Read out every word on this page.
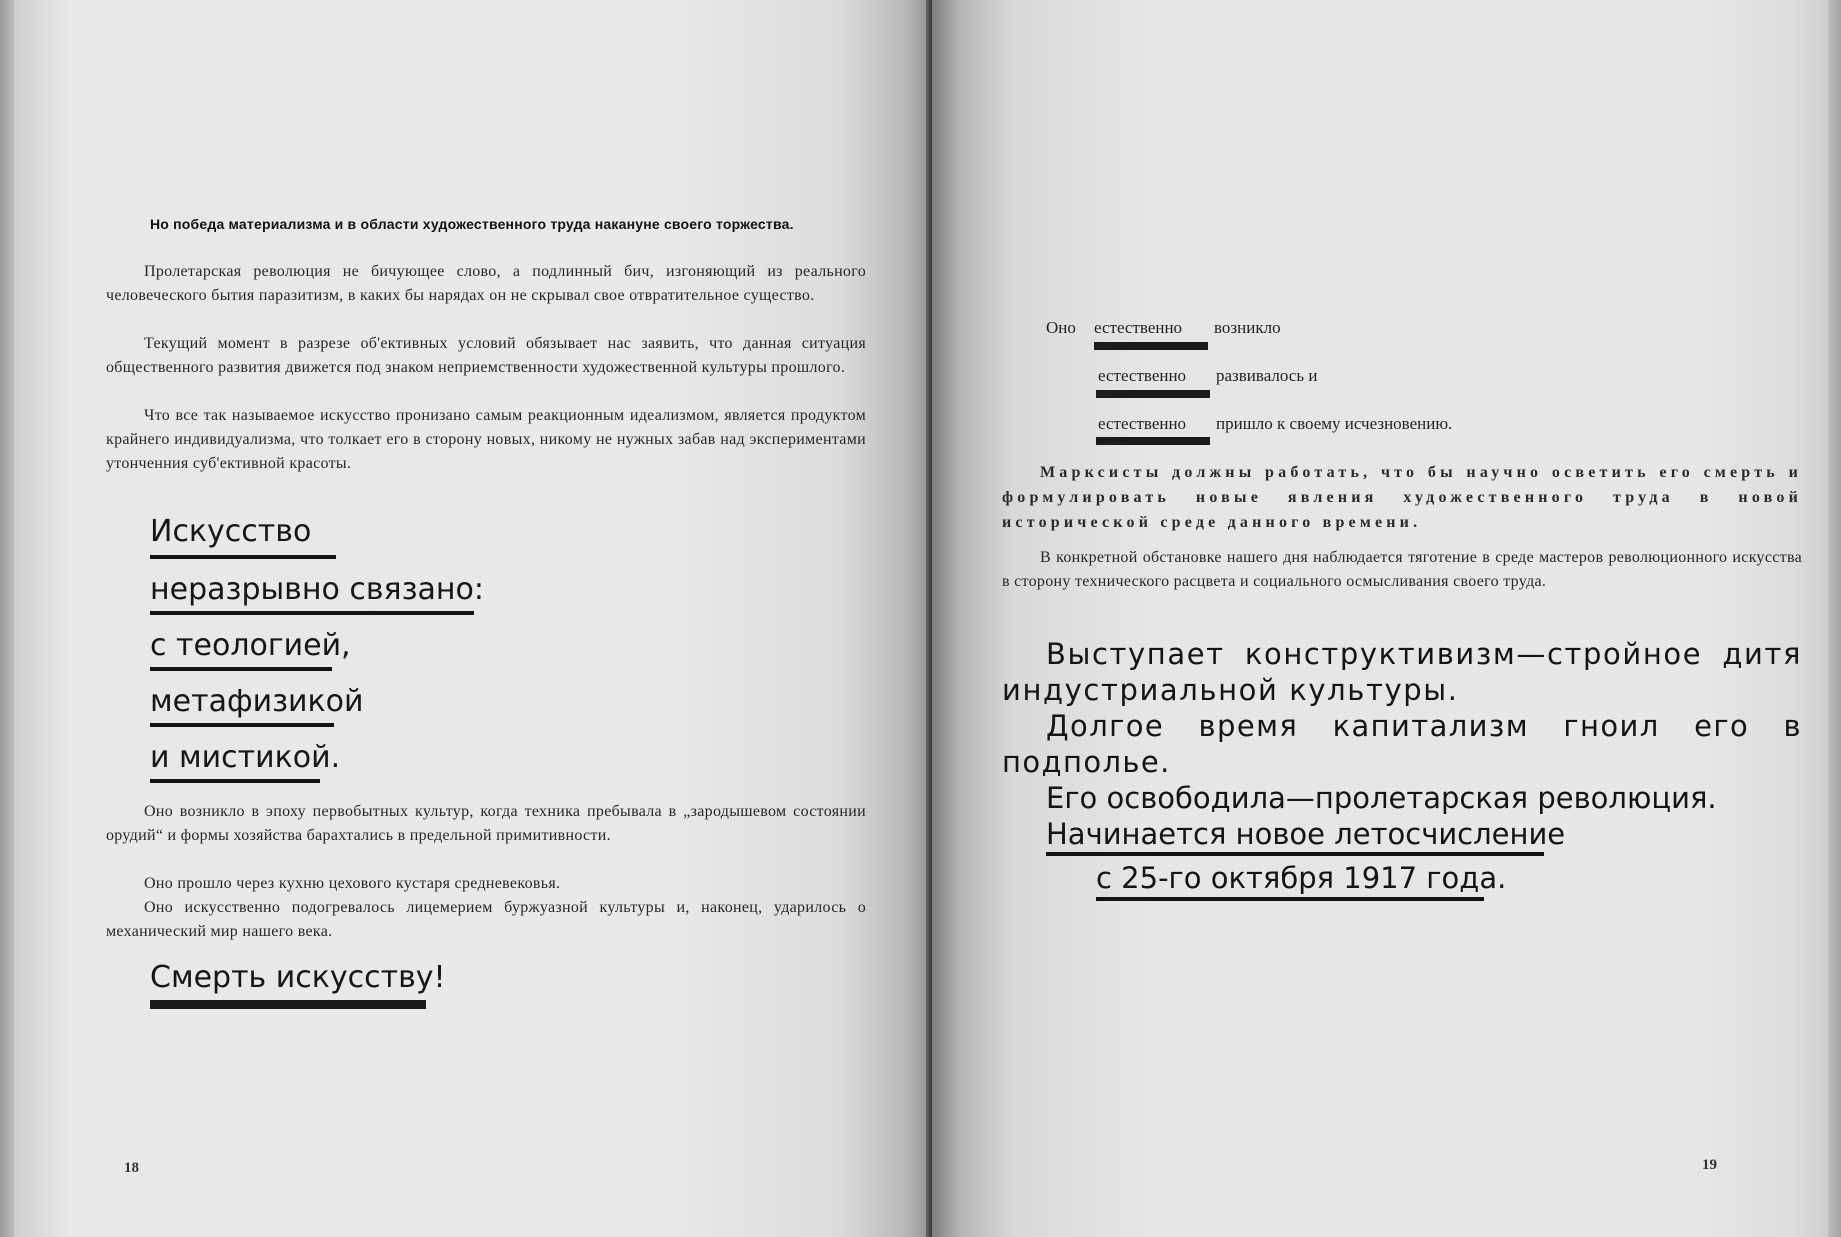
Но победа материализма и в области художественного труда накануне своего торжества.
Пролетарская революция не бичующее слово, а подлинный бич, изгоняющий из реального человеческого бытия паразитизм, в каких бы нарядах он не скрывал свое отвратительное существо.
Текущий момент в разрезе об'ективных условий обязывает нас заявить, что данная ситуация общественного развития движется под знаком неприемственности художественной культуры прошлого.
Что все так называемое искусство пронизано самым реакционным идеализмом, является продуктом крайнего индивидуализма, что толкает его в сторону новых, никому не нужных забав над экспериментами утонченния суб'ективной красоты.
Искусство
неразрывно связано:
с теологией,
метафизикой
и мистикой.
Оно возникло в эпоху первобытных культур, когда техника пребывала в „зародышевом состоянии орудий“ и формы хозяйства барахтались в предельной примитивности.
Оно прошло через кухню цехового кустаря средневековья.
Оно искусственно подогревалось лицемерием буржуазной культуры и, наконец, ударилось о механический мир нашего века.
Смерть искусству!
18
Оно естественно возникло
естественно развивалось и
естественно пришло к своему исчезновению.
Марксисты должны работать, что бы научно осветить его смерть и формулировать новые явления художественного труда в новой исторической среде данного времени.
В конкретной обстановке нашего дня наблюдается тяготение в среде мастеров революционного искусства в сторону технического расцвета и социального осмысливания своего труда.
Выступает конструктивизм—стройное дитя индустриальной культуры.
Долгое время капитализм гноил его в подполье.
Его освободила—пролетарская революция.
Начинается новое летосчисление
с 25-го октября 1917 года.
19
